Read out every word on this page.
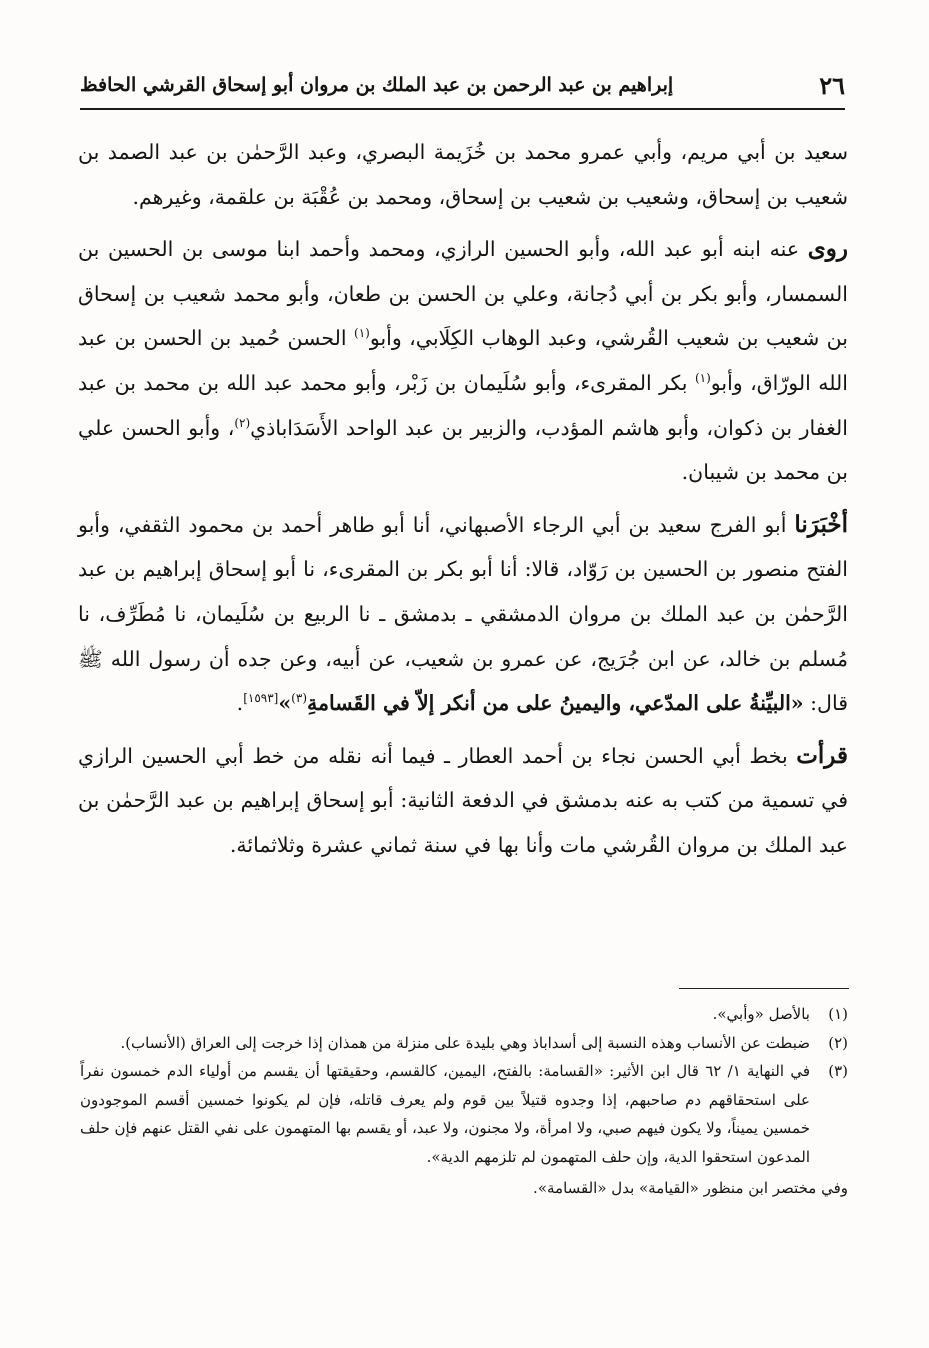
٢٦
إبراهيم بن عبد الرحمن بن عبد الملك بن مروان أبو إسحاق القرشي الحافظ

سعيد بن أبي مريم، وأبي عمرو محمد بن خُزَيمة البصري، وعبد الرَّحمٰن بن عبد الصمد بن شعيب بن إسحاق، وشعيب بن شعيب بن إسحاق، ومحمد بن عُقْبَة بن علقمة، وغيرهم.

روى عنه ابنه أبو عبد الله، وأبو الحسين الرازي، ومحمد وأحمد ابنا موسى بن الحسين بن السمسار، وأبو بكر بن أبي دُجانة، وعلي بن الحسن بن طعان، وأبو محمد شعيب بن إسحاق بن شعيب بن شعيب القُرشي، وعبد الوهاب الكِلَابي، وأبو$^{(١)}$ الحسن حُميد بن الحسن بن عبد الله الورّاق، وأبو$^{(١)}$ بكر المقرىء، وأبو سُلَيمان بن زَبْر، وأبو محمد عبد الله بن محمد بن عبد الغفار بن ذكوان، وأبو هاشم المؤدب، والزبير بن عبد الواحد الأَسَدَاباذي$^{(٢)}$، وأبو الحسن علي بن محمد بن شيبان.

أخْبَرَنا أبو الفرج سعيد بن أبي الرجاء الأصبهاني، أنا أبو طاهر أحمد بن محمود الثقفي، وأبو الفتح منصور بن الحسين بن رَوّاد، قالا: أنا أبو بكر بن المقرىء، نا أبو إسحاق إبراهيم بن عبد الرَّحمٰن بن عبد الملك بن مروان الدمشقي ـ بدمشق ـ نا الربيع بن سُلَيمان، نا مُطَرِّف، نا مُسلم بن خالد، عن ابن جُرَيج، عن عمرو بن شعيب، عن أبيه، وعن جده أن رسول الله ﷺ قال: «البيِّنةُ على المدّعي، واليمينُ على من أنكر إلاّ في القَسامةِ$^{(٣)}$»[١٥٩٣].

قرأت بخط أبي الحسن نجاء بن أحمد العطار ـ فيما أنه نقله من خط أبي الحسين الرازي في تسمية من كتب به عنه بدمشق في الدفعة الثانية: أبو إسحاق إبراهيم بن عبد الرَّحمٰن بن عبد الملك بن مروان القُرشي مات وأنا بها في سنة ثماني عشرة وثلاثمائة.

(١)
بالأصل «وأبي».
(٢)
ضبطت عن الأنساب وهذه النسبة إلى أسداباذ وهي بليدة على منزلة من همذان إذا خرجت إلى العراق (الأنساب).
(٣)
في النهاية ١/ ٦٢ قال ابن الأثير: «القسامة: بالفتح، اليمين، كالقسم، وحقيقتها أن يقسم من أولياء الدم خمسون نفراً على استحقاقهم دم صاحبهم، إذا وجدوه قتيلاً بين قوم ولم يعرف قاتله، فإن لم يكونوا خمسين أقسم الموجودون خمسين يميناً، ولا يكون فيهم صبي، ولا امرأة، ولا مجنون، ولا عبد، أو يقسم بها المتهمون على نفي القتل عنهم فإن حلف المدعون استحقوا الدية، وإن حلف المتهمون لم تلزمهم الدية».
وفي مختصر ابن منظور «القيامة» بدل «القسامة».
